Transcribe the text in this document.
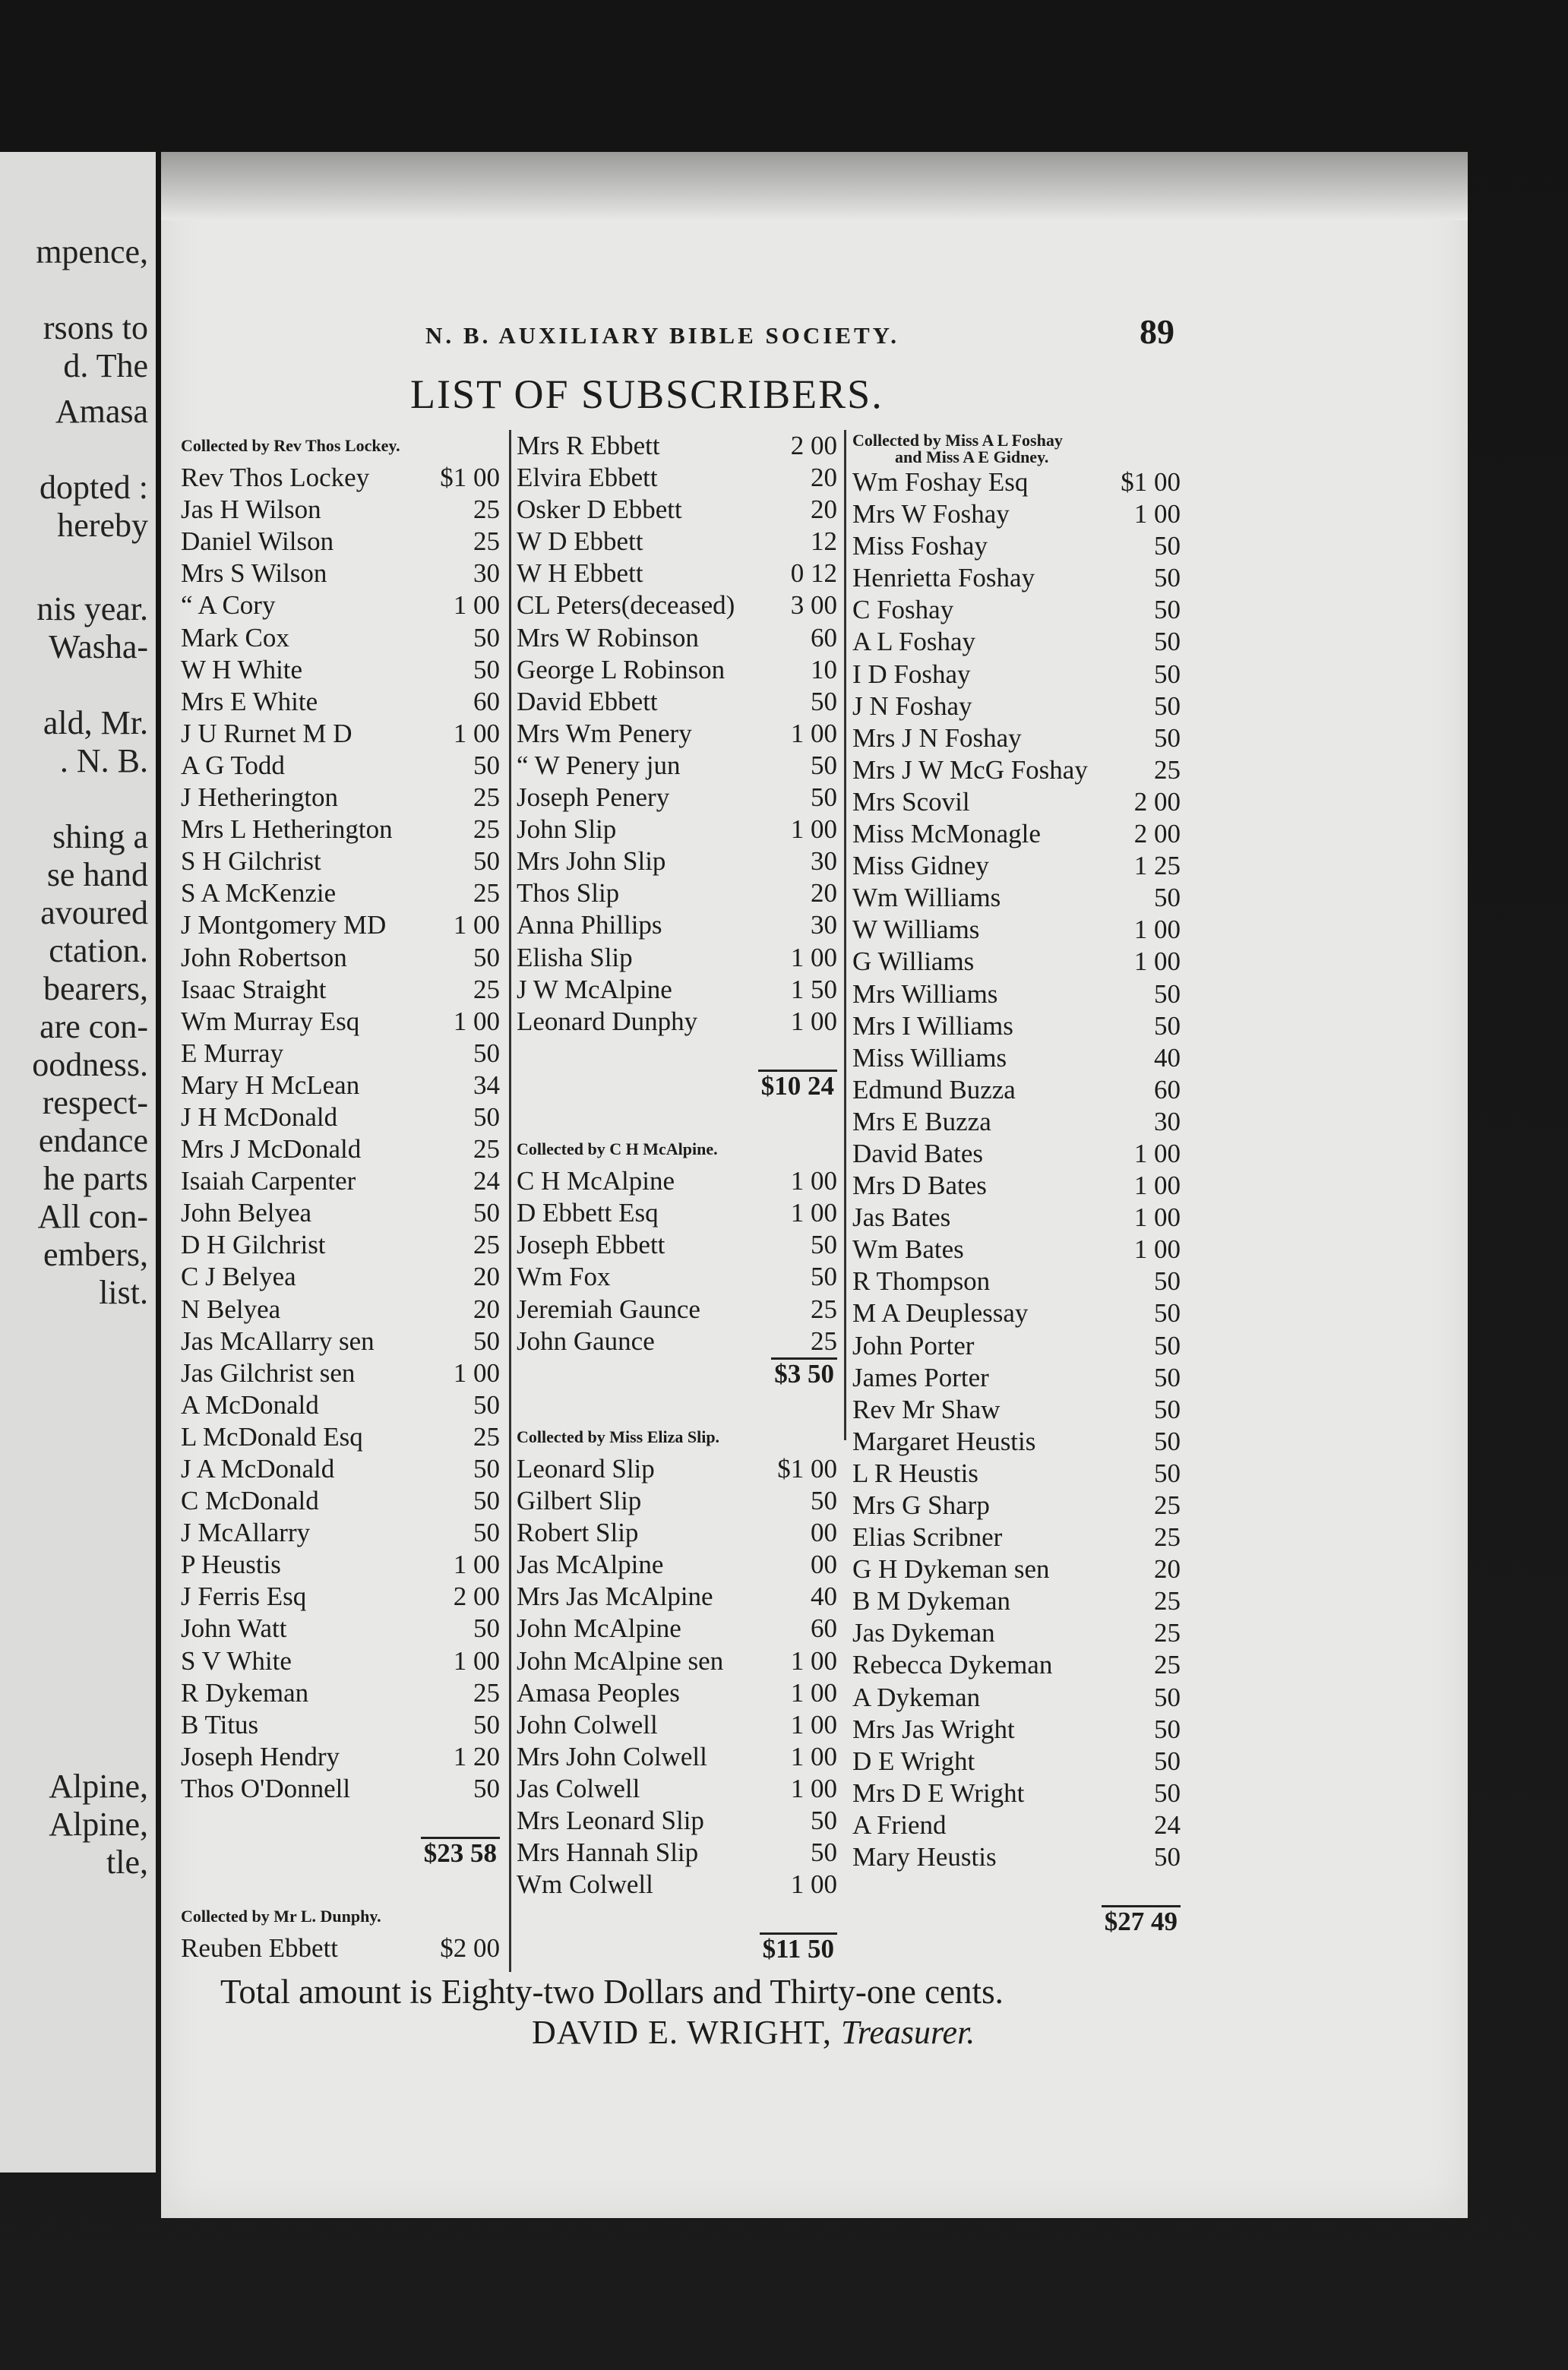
mpence,
rsons to
d. The
Amasa
dopted :
hereby
nis year.
Washa-
ald, Mr.
. N. B.
shing a
se hand
avoured
ctation.
bearers,
are con-
oodness.
respect-
endance
he parts
All con-
embers,
list.
Alpine,
Alpine,
tle,
N. B. AUXILIARY BIBLE SOCIETY.	89
LIST OF SUBSCRIBERS.
Collected by Rev Thos Lockey.
Rev Thos Lockey	$1 00
Jas H Wilson	25
Daniel Wilson	25
Mrs S Wilson	30
“ A Cory	1 00
Mark Cox	50
W H White	50
Mrs E White	60
J U Rurnet M D	1 00
A G Todd	50
J Hetherington	25
Mrs L Hetherington	25
S H Gilchrist	50
S A McKenzie	25
J Montgomery MD	1 00
John Robertson	50
Isaac Straight	25
Wm Murray Esq	1 00
E Murray	50
Mary H McLean	34
J H McDonald	50
Mrs J McDonald	25
Isaiah Carpenter	24
John Belyea	50
D H Gilchrist	25
C J Belyea	20
N Belyea	20
Jas McAllarry sen	50
Jas Gilchrist sen	1 00
A McDonald	50
L McDonald Esq	25
J A McDonald	50
C McDonald	50
J McAllarry	50
P Heustis	1 00
J Ferris Esq	2 00
John Watt	50
S V White	1 00
R Dykeman	25
B Titus	50
Joseph Hendry	1 20
Thos O'Donnell	50
$23 58
Collected by Mr L. Dunphy.
Reuben Ebbett	$2 00
Mrs R Ebbett	2 00
Elvira Ebbett	20
Osker D Ebbett	20
W D Ebbett	12
W H Ebbett	0 12
CL Peters(deceased) 3 00
Mrs W Robinson	60
George L Robinson	10
David Ebbett	50
Mrs Wm Penery	1 00
“ W Penery jun	50
Joseph Penery	50
John Slip	1 00
Mrs John Slip	30
Thos Slip	20
Anna Phillips	30
Elisha Slip	1 00
J W McAlpine	1 50
Leonard Dunphy	1 00
$10 24
Collected by C H McAlpine.
C H McAlpine	1 00
D Ebbett Esq	1 00
Joseph Ebbett	50
Wm Fox	50
Jeremiah Gaunce	25
John Gaunce	25
$3 50
Collected by Miss Eliza Slip.
Leonard Slip	$1 00
Gilbert Slip	50
Robert Slip	00
Jas McAlpine	00
Mrs Jas McAlpine	40
John McAlpine	60
John McAlpine sen	1 00
Amasa Peoples	1 00
John Colwell	1 00
Mrs John Colwell	1 00
Jas Colwell	1 00
Mrs Leonard Slip	50
Mrs Hannah Slip	50
Wm Colwell	1 00
$11 50
Collected by Miss A L Foshay
and Miss A E Gidney.
Wm Foshay Esq	$1 00
Mrs W Foshay	1 00
Miss Foshay	50
Henrietta Foshay	50
C Foshay	50
A L Foshay	50
I D Foshay	50
J N Foshay	50
Mrs J N Foshay	50
Mrs J W McG Foshay 25
Mrs Scovil	2 00
Miss McMonagle	2 00
Miss Gidney	1 25
Wm Williams	50
W Williams	1 00
G Williams	1 00
Mrs Williams	50
Mrs I Williams	50
Miss Williams	40
Edmund Buzza	60
Mrs E Buzza	30
David Bates	1 00
Mrs D Bates	1 00
Jas Bates	1 00
Wm Bates	1 00
R Thompson	50
M A Deuplessay	50
John Porter	50
James Porter	50
Rev Mr Shaw	50
Margaret Heustis	50
L R Heustis	50
Mrs G Sharp	25
Elias Scribner	25
G H Dykeman sen	20
B M Dykeman	25
Jas Dykeman	25
Rebecca Dykeman	25
A Dykeman	50
Mrs Jas Wright	50
D E Wright	50
Mrs D E Wright	50
A Friend	24
Mary Heustis	50
$27 49
Total amount is Eighty-two Dollars and Thirty-one cents.
DAVID E. WRIGHT, Treasurer.
